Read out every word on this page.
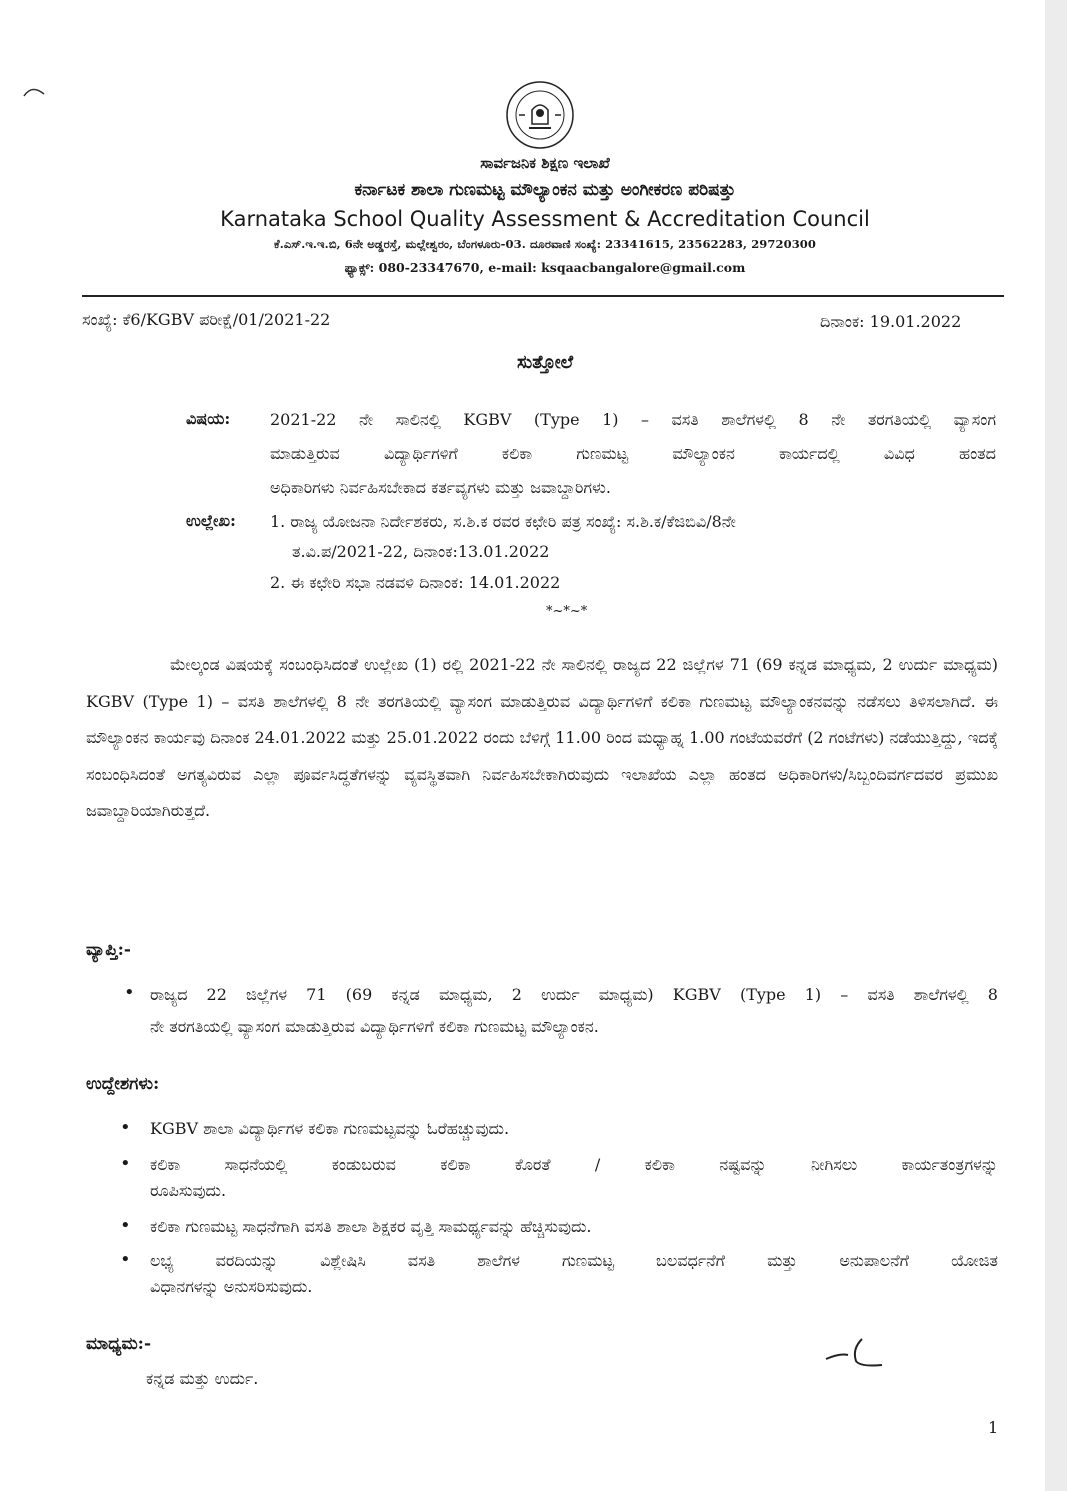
ಸಾರ್ವಜನಿಕ ಶಿಕ್ಷಣ ಇಲಾಖೆ
ಕರ್ನಾಟಕ ಶಾಲಾ ಗುಣಮಟ್ಟ ಮೌಲ್ಯಾಂಕನ ಮತ್ತು ಅಂಗೀಕರಣ ಪರಿಷತ್ತು
Karnataka School Quality Assessment & Accreditation Council
ಕೆ.ಎಸ್.ಇ.ಇ.ಬಿ, 6ನೇ ಅಡ್ಡರಸ್ತೆ, ಮಲ್ಲೇಶ್ವರಂ, ಬೆಂಗಳೂರು-03. ದೂರವಾಣಿ ಸಂಖ್ಯೆ: 23341615, 23562283, 29720300
ಫ್ಯಾಕ್ಸ್: 080-23347670, e-mail: ksqaacbangalore@gmail.com
ಸಂಖ್ಯೆ: ಕೆ6/KGBV ಪರೀಕ್ಷೆ/01/2021-22	ದಿನಾಂಕ: 19.01.2022
ಸುತ್ತೋಲೆ
ವಿಷಯ: 2021-22 ನೇ ಸಾಲಿನಲ್ಲಿ KGBV (Type 1) – ವಸತಿ ಶಾಲೆಗಳಲ್ಲಿ 8 ನೇ ತರಗತಿಯಲ್ಲಿ ವ್ಯಾಸಂಗ
ಮಾಡುತ್ತಿರುವ ವಿದ್ಯಾರ್ಥಿಗಳಿಗೆ ಕಲಿಕಾ ಗುಣಮಟ್ಟ ಮೌಲ್ಯಾಂಕನ ಕಾರ್ಯದಲ್ಲಿ ವಿವಿಧ ಹಂತದ
ಅಧಿಕಾರಿಗಳು ನಿರ್ವಹಿಸಬೇಕಾದ ಕರ್ತವ್ಯಗಳು ಮತ್ತು ಜವಾಬ್ದಾರಿಗಳು.
ಉಲ್ಲೇಖ: 1. ರಾಜ್ಯ ಯೋಜನಾ ನಿರ್ದೇಶಕರು, ಸ.ಶಿ.ಕ ರವರ ಕಛೇರಿ ಪತ್ರ ಸಂಖ್ಯೆ: ಸ.ಶಿ.ಕ/ಕೆಜಿಬಿವಿ/8ನೇ
ತ.ವಿ.ಪ/2021-22, ದಿನಾಂಕ:13.01.2022
2. ಈ ಕಛೇರಿ ಸಭಾ ನಡವಳಿ ದಿನಾಂಕ: 14.01.2022
*~*~*

ಮೇಲ್ಕಂಡ ವಿಷಯಕ್ಕೆ ಸಂಬಂಧಿಸಿದಂತೆ ಉಲ್ಲೇಖ (1) ರಲ್ಲಿ 2021-22 ನೇ ಸಾಲಿನಲ್ಲಿ ರಾಜ್ಯದ 22 ಜಿಲ್ಲೆಗಳ 71 (69 ಕನ್ನಡ ಮಾಧ್ಯಮ, 2 ಉರ್ದು ಮಾಧ್ಯಮ) KGBV (Type 1) – ವಸತಿ ಶಾಲೆಗಳಲ್ಲಿ 8 ನೇ ತರಗತಿಯಲ್ಲಿ ವ್ಯಾಸಂಗ ಮಾಡುತ್ತಿರುವ ವಿದ್ಯಾರ್ಥಿಗಳಿಗೆ ಕಲಿಕಾ ಗುಣಮಟ್ಟ ಮೌಲ್ಯಾಂಕನವನ್ನು ನಡೆಸಲು ತಿಳಿಸಲಾಗಿದೆ. ಈ ಮೌಲ್ಯಾಂಕನ ಕಾರ್ಯವು ದಿನಾಂಕ 24.01.2022 ಮತ್ತು 25.01.2022 ರಂದು ಬೆಳಿಗ್ಗೆ 11.00 ರಿಂದ ಮಧ್ಯಾಹ್ನ 1.00 ಗಂಟೆಯವರೆಗೆ (2 ಗಂಟೆಗಳು) ನಡೆಯುತ್ತಿದ್ದು, ಇದಕ್ಕೆ ಸಂಬಂಧಿಸಿದಂತೆ ಅಗತ್ಯವಿರುವ ಎಲ್ಲಾ ಪೂರ್ವಸಿದ್ಧತೆಗಳನ್ನು ವ್ಯವಸ್ಥಿತವಾಗಿ ನಿರ್ವಹಿಸಬೇಕಾಗಿರುವುದು ಇಲಾಖೆಯ ಎಲ್ಲಾ ಹಂತದ ಅಧಿಕಾರಿಗಳು/ಸಿಬ್ಬಂದಿವರ್ಗದವರ ಪ್ರಮುಖ ಜವಾಬ್ದಾರಿಯಾಗಿರುತ್ತದೆ.

ವ್ಯಾಪ್ತಿ:-
• ರಾಜ್ಯದ 22 ಜಿಲ್ಲೆಗಳ 71 (69 ಕನ್ನಡ ಮಾಧ್ಯಮ, 2 ಉರ್ದು ಮಾಧ್ಯಮ) KGBV (Type 1) – ವಸತಿ ಶಾಲೆಗಳಲ್ಲಿ 8
ನೇ ತರಗತಿಯಲ್ಲಿ ವ್ಯಾಸಂಗ ಮಾಡುತ್ತಿರುವ ವಿದ್ಯಾರ್ಥಿಗಳಿಗೆ ಕಲಿಕಾ ಗುಣಮಟ್ಟ ಮೌಲ್ಯಾಂಕನ.
ಉದ್ದೇಶಗಳು:
• KGBV ಶಾಲಾ ವಿದ್ಯಾರ್ಥಿಗಳ ಕಲಿಕಾ ಗುಣಮಟ್ಟವನ್ನು ಓರೆಹಚ್ಚುವುದು.
• ಕಲಿಕಾ ಸಾಧನೆಯಲ್ಲಿ ಕಂಡುಬರುವ ಕಲಿಕಾ ಕೊರತೆ / ಕಲಿಕಾ ನಷ್ಟವನ್ನು ನೀಗಿಸಲು ಕಾರ್ಯತಂತ್ರಗಳನ್ನು
ರೂಪಿಸುವುದು.
• ಕಲಿಕಾ ಗುಣಮಟ್ಟ ಸಾಧನೆಗಾಗಿ ವಸತಿ ಶಾಲಾ ಶಿಕ್ಷಕರ ವೃತ್ತಿ ಸಾಮರ್ಥ್ಯವನ್ನು ಹೆಚ್ಚಿಸುವುದು.
• ಲಭ್ಯ ವರದಿಯನ್ನು ವಿಶ್ಲೇಷಿಸಿ ವಸತಿ ಶಾಲೆಗಳ ಗುಣಮಟ್ಟ ಬಲವರ್ಧನೆಗೆ ಮತ್ತು ಅನುಪಾಲನೆಗೆ ಯೋಜಿತ
ವಿಧಾನಗಳನ್ನು ಅನುಸರಿಸುವುದು.
ಮಾಧ್ಯಮ:-
ಕನ್ನಡ ಮತ್ತು ಉರ್ದು.
1
